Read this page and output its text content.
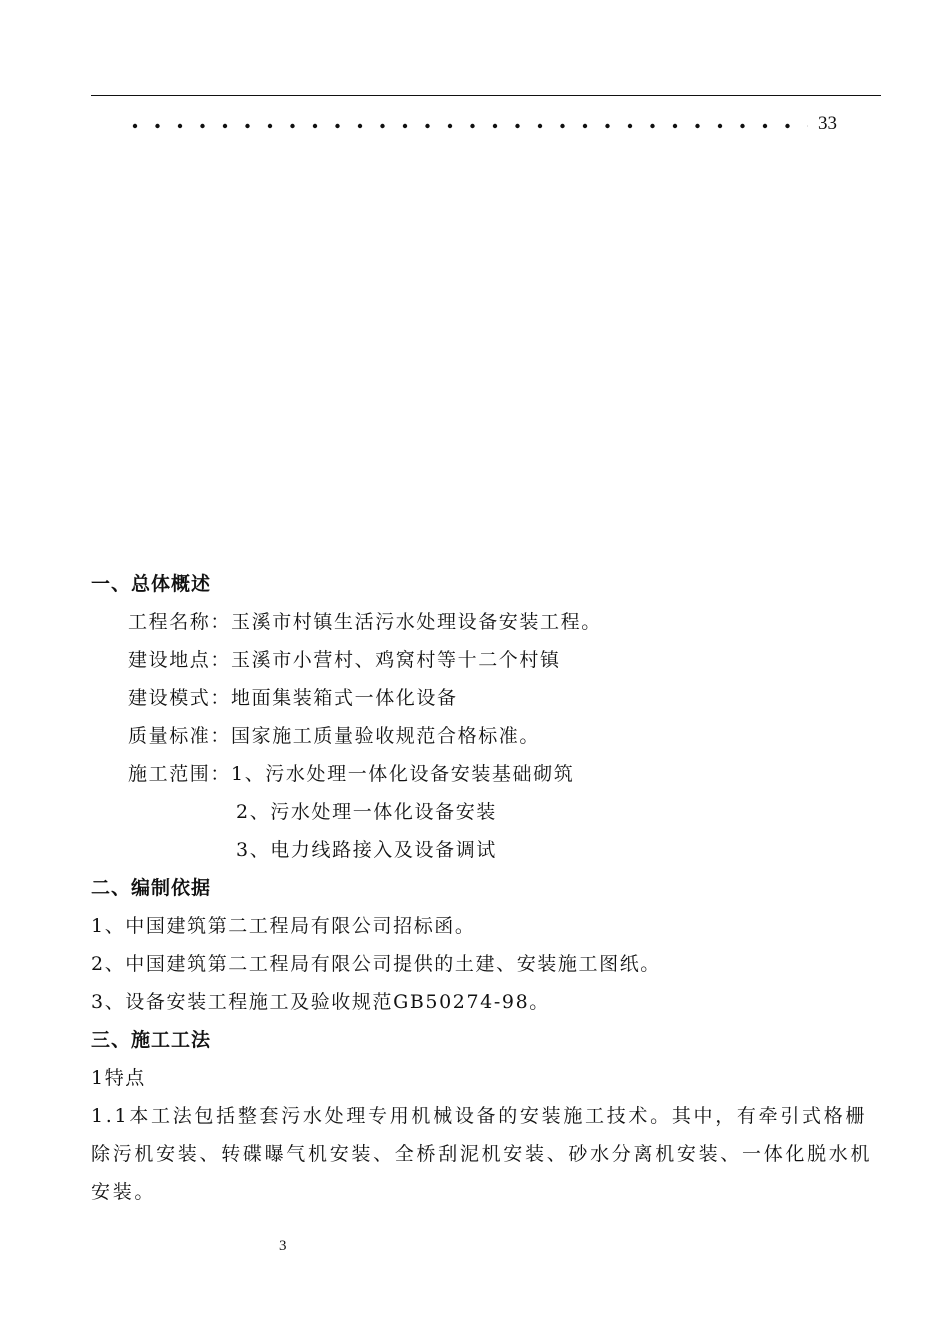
33
一、总体概述
工程名称：玉溪市村镇生活污水处理设备安装工程。
建设地点：玉溪市小营村、鸡窝村等十二个村镇
建设模式：地面集装箱式一体化设备
质量标准：国家施工质量验收规范合格标准。
施工范围：1、污水处理一体化设备安装基础砌筑
2、污水处理一体化设备安装
3、电力线路接入及设备调试
二、编制依据
1、中国建筑第二工程局有限公司招标函。
2、中国建筑第二工程局有限公司提供的土建、安装施工图纸。
3、设备安装工程施工及验收规范GB50274-98。
三、施工工法
1特点
1.1本工法包括整套污水处理专用机械设备的安装施工技术。其中，有牵引式格栅除污机安装、转碟曝气机安装、全桥刮泥机安装、砂水分离机安装、一体化脱水机安装。
3
